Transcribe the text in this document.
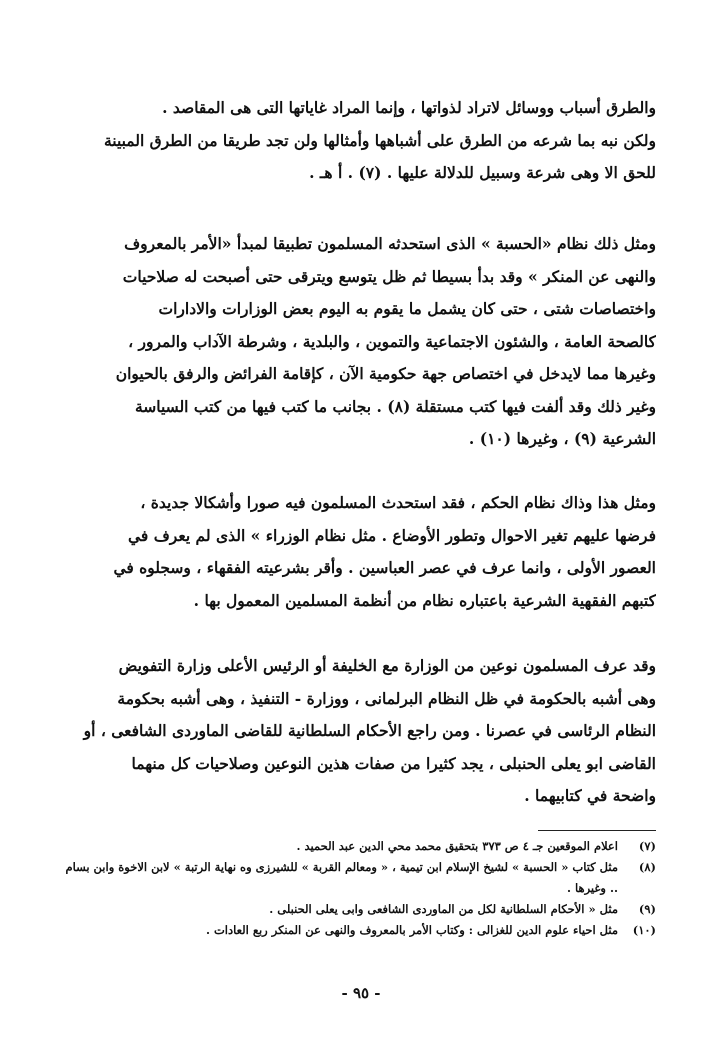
والطرق أسباب ووسائل لاتراد لذواتها ، وإنما المراد غاياتها التى هى المقاصد .
ولكن نبه بما شرعه من الطرق على أشباهها وأمثالها ولن تجد طريقا من الطرق المبينة
للحق الا وهى شرعة وسبيل للدلالة عليها . (٧) . أ هـ .
ومثل ذلك نظام «الحسبة » الذى استحدثه المسلمون تطبيقا لمبدأ «الأمر بالمعروف
والنهى عن المنكر » وقد بدأ بسيطا ثم ظل يتوسع ويترقى حتى أصبحت له صلاحيات
واختصاصات شتى ، حتى كان يشمل ما يقوم به اليوم بعض الوزارات والادارات
كالصحة العامة ، والشئون الاجتماعية والتموين ، والبلدية ، وشرطة الآداب والمرور ،
وغيرها مما لايدخل في اختصاص جهة حكومية الآن ، كإقامة الفرائض والرفق بالحيوان
وغير ذلك وقد ألفت فيها كتب مستقلة (٨) . بجانب ما كتب فيها من كتب السياسة
الشرعية (٩) ، وغيرها (١٠) .
ومثل هذا وذاك نظام الحكم ، فقد استحدث المسلمون فيه صورا وأشكالا جديدة ،
فرضها عليهم تغير الاحوال وتطور الأوضاع . مثل نظام الوزراء » الذى لم يعرف في
العصور الأولى ، وانما عرف في عصر العباسين . وأقر بشرعيته الفقهاء ، وسجلوه في
كتبهم الفقهية الشرعية باعتباره نظام من أنظمة المسلمين المعمول بها .
وقد عرف المسلمون نوعين من الوزارة مع الخليفة أو الرئيس الأعلى وزارة التفويض
وهى أشبه بالحكومة في ظل النظام البرلمانى ، ووزارة - التنفيذ ، وهى أشبه بحكومة
النظام الرئاسى في عصرنا . ومن راجع الأحكام السلطانية للقاضى الماوردى الشافعى ، أو
القاضى ابو يعلى الحنبلى ، يجد كثيرا من صفات هذين النوعين وصلاحيات كل منهما
واضحة في كتابيهما .
(٧)
اعلام الموقعين جـ ٤ ص ٣٧٣ بتحقيق محمد محي الدين عبد الحميد .
(٨)
مثل كتاب « الحسبة » لشيخ الإسلام ابن تيمية ، « ومعالم القربة » للشيرزى وه نهاية الرتبة » لابن الاخوة وابن بسام .. وغيرها .
(٩)
مثل « الأحكام السلطانية لكل من الماوردى الشافعى وابى يعلى الحنبلى .
(١٠)
مثل احياء علوم الدين للغزالى : وكتاب الأمر بالمعروف والنهى عن المنكر ربع العادات .
- ٩٥ -
